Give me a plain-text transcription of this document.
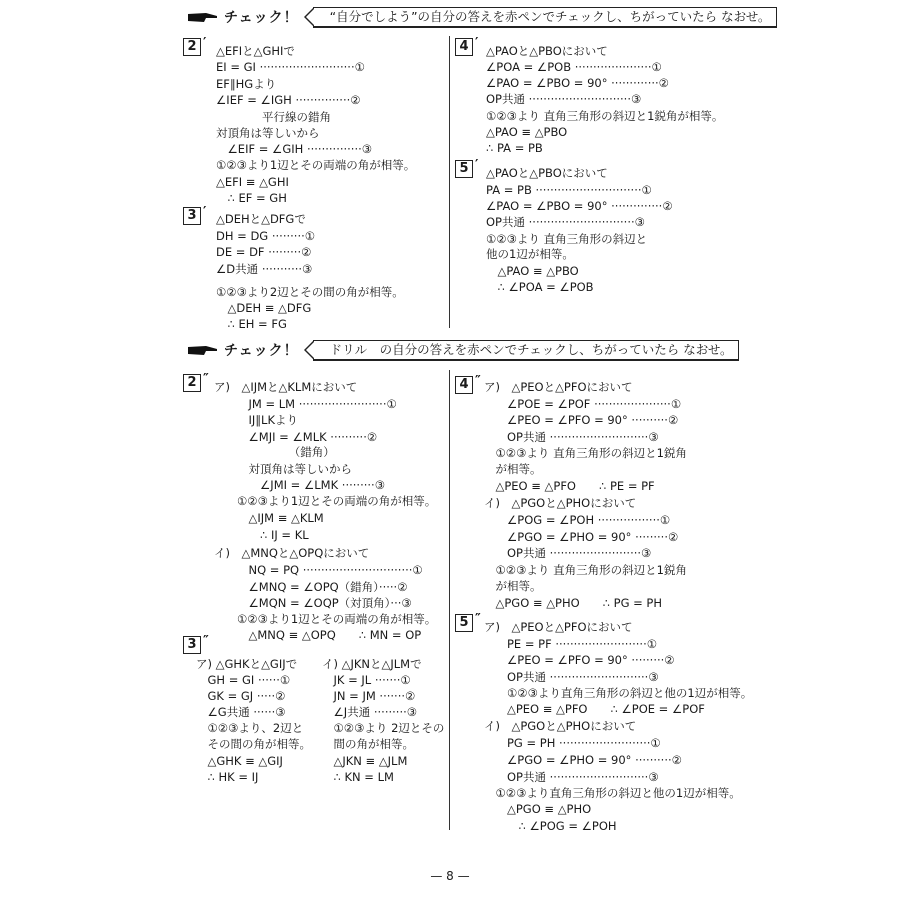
チェック！	“自分でしよう”の自分の答えを赤ペンでチェックし、ちがっていたら なおせ。
チェック！	ドリル　の自分の答えを赤ペンでチェックし、ちがっていたら なおせ。
2 ′ △EFIと△GHIで
EI = GI ··························①
EF∥HGより
∠IEF = ∠IGH ···············②
　　　　平行線の錯角
対頂角は等しいから
　∠EIF = ∠GIH ···············③
①②③より1辺とその両端の角が相等。
△EFI ≡ △GHI
　∴ EF = GH
3 ′ △DEHと△DFGで
DH = DG ·········①
DE = DF ·········②
∠D共通 ···········③
①②③より2辺とその間の角が相等。
　△DEH ≡ △DFG
　∴ EH = FG
4 ′ △PAOと△PBOにおいて
∠POA = ∠POB ·····················①
∠PAO = ∠PBO = 90° ·············②
OP共通 ····························③
①②③より 直角三角形の斜辺と1鋭角が相等。
△PAO ≡ △PBO
∴ PA = PB
5 ′ △PAOと△PBOにおいて
PA = PB ·····························①
∠PAO = ∠PBO = 90° ··············②
OP共通 ·····························③
①②③より 直角三角形の斜辺と
他の1辺が相等。
　△PAO ≡ △PBO
　∴ ∠POA = ∠POB
2 ″ ア)　△IJMと△KLMにおいて
　　　JM = LM ························①
　　　IJ∥LKより
　　　∠MJI = ∠MLK ··········②
　　　　　　　（錯角）
　　　対頂角は等しいから
　　　　∠JMI = ∠LMK ·········③
　　①②③より1辺とその両端の角が相等。
　　　△IJM ≡ △KLM
　　　　∴ IJ = KL
イ)　△MNQと△OPQにおいて
　　　NQ = PQ ······························①
　　　∠MNQ = ∠OPQ（錯角）·····②
　　　∠MQN = ∠OQP（対頂角）···③
　　①②③より1辺とその両端の角が相等。
　　　△MNQ ≡ △OPQ　　∴ MN = OP
3 ″
ア) △GHKと△GIJで
　GH = GI ······①
　GK = GJ ·····②
　∠G共通 ······③
　①②③より、2辺と
　その間の角が相等。
　△GHK ≡ △GIJ
　∴ HK = IJ
イ) △JKNと△JLMで
　JK = JL ·······①
　JN = JM ·······②
　∠J共通 ·········③
　①②③より 2辺とその
　間の角が相等。
　△JKN ≡ △JLM
　∴ KN = LM
4 ″ ア)　△PEOと△PFOにおいて
　　∠POE = ∠POF ·····················①
　　∠PEO = ∠PFO = 90° ··········②
　　OP共通 ···························③
　①②③より 直角三角形の斜辺と1鋭角
　が相等。
　△PEO ≡ △PFO　　∴ PE = PF
イ)　△PGOと△PHOにおいて
　　∠POG = ∠POH ·················①
　　∠PGO = ∠PHO = 90° ·········②
　　OP共通 ·························③
　①②③より 直角三角形の斜辺と1鋭角
　が相等。
　△PGO ≡ △PHO　　∴ PG = PH
5 ″ ア)　△PEOと△PFOにおいて
　　PE = PF ·························①
　　∠PEO = ∠PFO = 90° ·········②
　　OP共通 ···························③
　　①②③より直角三角形の斜辺と他の1辺が相等。
　　△PEO ≡ △PFO　　∴ ∠POE = ∠POF
イ)　△PGOと△PHOにおいて
　　PG = PH ·························①
　　∠PGO = ∠PHO = 90° ··········②
　　OP共通 ···························③
　①②③より直角三角形の斜辺と他の1辺が相等。
　　△PGO ≡ △PHO
　　　∴ ∠POG = ∠POH
— 8 —
